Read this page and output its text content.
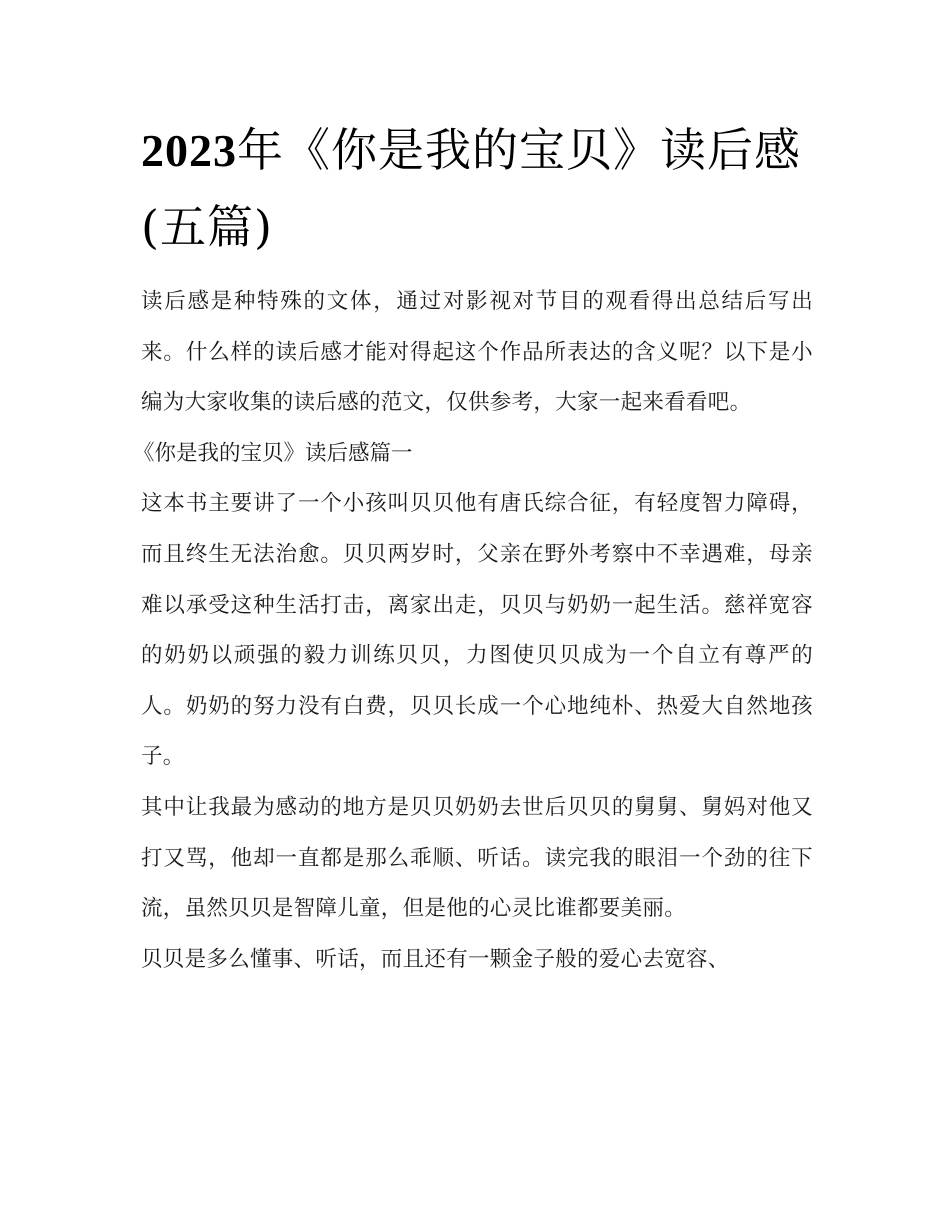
2023年《你是我的宝贝》读后感(五篇)

读后感是种特殊的文体，通过对影视对节目的观看得出总结后写出来。什么样的读后感才能对得起这个作品所表达的含义呢？以下是小编为大家收集的读后感的范文，仅供参考，大家一起来看看吧。

《你是我的宝贝》读后感篇一

这本书主要讲了一个小孩叫贝贝他有唐氏综合征，有轻度智力障碍，而且终生无法治愈。贝贝两岁时，父亲在野外考察中不幸遇难，母亲难以承受这种生活打击，离家出走，贝贝与奶奶一起生活。慈祥宽容的奶奶以顽强的毅力训练贝贝，力图使贝贝成为一个自立有尊严的人。奶奶的努力没有白费，贝贝长成一个心地纯朴、热爱大自然地孩子。

其中让我最为感动的地方是贝贝奶奶去世后贝贝的舅舅、舅妈对他又打又骂，他却一直都是那么乖顺、听话。读完我的眼泪一个劲的往下流，虽然贝贝是智障儿童，但是他的心灵比谁都要美丽。

贝贝是多么懂事、听话，而且还有一颗金子般的爱心去宽容、
